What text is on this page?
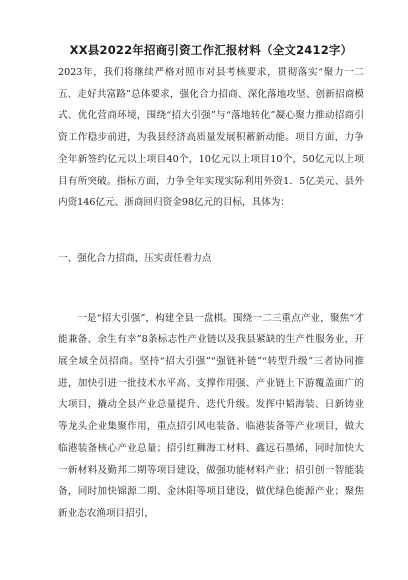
XX县2022年招商引资工作汇报材料（全文2412字）

2023年，我们将继续严格对照市对县考核要求，贯彻落实“聚力一二五、走好共富路”总体要求，强化合力招商、深化落地攻坚、创新招商模式、优化营商环境，围绕“招大引强”与“落地转化”凝心聚力推动招商引资工作稳步前进，为我县经济高质量发展积蓄新动能。项目方面，力争全年新签约亿元以上项目40个，10亿元以上项目10个，50亿元以上项目有所突破。指标方面，力争全年实现实际利用外资1．5亿美元、县外内资146亿元、浙商回归资金98亿元的目标，具体为：

一、强化合力招商，压实责任着力点

一是“招大引强”，构建全县一盘棋。围绕一二三重点产业，聚焦“才能兼备、余生有幸”8条标志性产业链以及我县紧缺的生产性服务业，开展全域全员招商。坚持“招大引强”“强链补链”“转型升级”三者协同推进，加快引进一批技术水平高、支撑作用强、产业链上下游覆盖面广的大项目，撬动全县产业总量提升、迭代升级。发挥中韬海装、日新铸业等龙头企业集聚作用，重点招引风电装备、临港装备等产业项目，做大临港装备核心产业总量；招引红狮海工材料、鑫远石墨烯，同时加快大一新材料及勤邦二期等项目建设，做强功能材料产业；招引创一智能装备，同时加快锦源二期、金沐阳等项目建设，做优绿色能源产业；聚焦新业态农渔项目招引，
